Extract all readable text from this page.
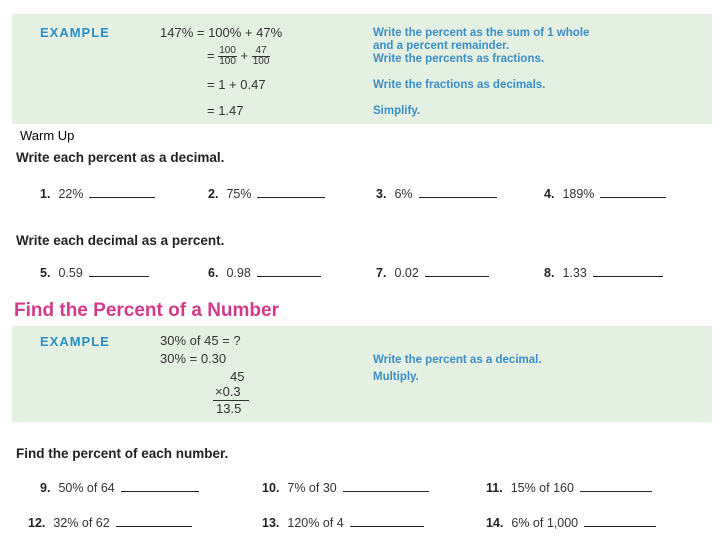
EXAMPLE	147% = 100% + 47%
= $\frac{100}{100} + \frac{47}{100}$
= 1 + 0.47
= 1.47
Write the percent as the sum of 1 whole
and a percent remainder.
Write the percents as fractions.
Write the fractions as decimals.
Simplify.
Warm Up
Write each percent as a decimal.
1. 22%	2. 75%	3. 6%	4. 189%
Write each decimal as a percent.
5. 0.59	6. 0.98	7. 0.02	8. 1.33
Find the Percent of a Number
EXAMPLE	30% of 45 = ?
30% = 0.30
45
×0.3
13.5
Write the percent as a decimal.
Multiply.
Find the percent of each number.
9. 50% of 64	10. 7% of 30	11. 15% of 160
12. 32% of 62	13. 120% of 4	14. 6% of 1,000
